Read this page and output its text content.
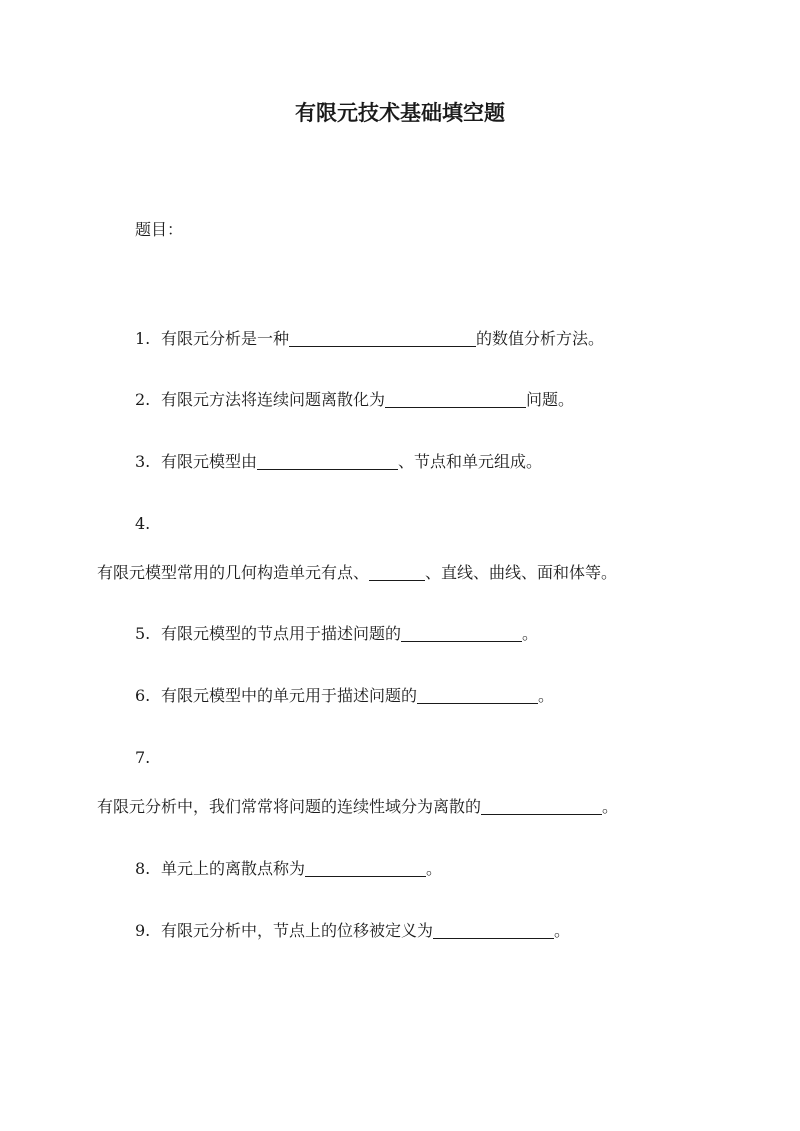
有限元技术基础填空题

题目：

1. 有限元分析是一种	的数值分析方法。

2. 有限元方法将连续问题离散化为	问题。

3. 有限元模型由	、节点和单元组成。

4.

有限元模型常用的几何构造单元有点、	、直线、曲线、面和体等。

5. 有限元模型的节点用于描述问题的	。

6. 有限元模型中的单元用于描述问题的	。

7.

有限元分析中，我们常常将问题的连续性域分为离散的	。

8. 单元上的离散点称为	。

9. 有限元分析中，节点上的位移被定义为	。
